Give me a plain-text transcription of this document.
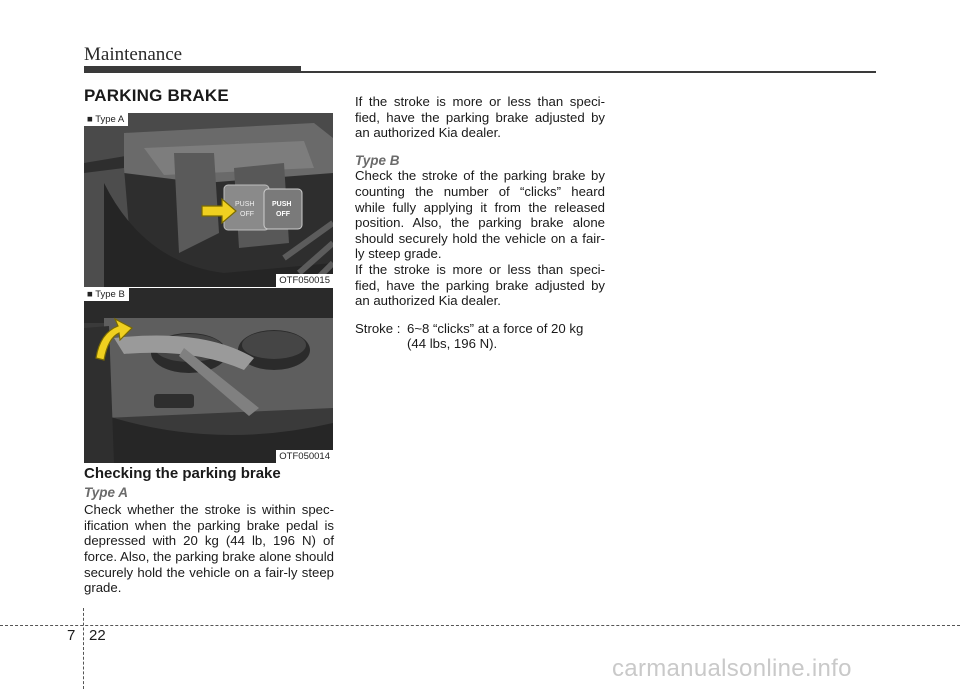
Maintenance
PARKING BRAKE
PUSH
OFF
PUSH
OFF
■ Type A
OTF050015
■ Type B
OTF050014

Checking the parking brake

Type A

Check whether the stroke is within spec-ification when the parking brake pedal is depressed with 20 kg (44 lb, 196 N) of force. Also, the parking brake alone should securely hold the vehicle on a fair-ly steep grade.

If the stroke is more or less than speci-fied, have the parking brake adjusted by an authorized Kia dealer.

Type B

Check the stroke of the parking brake by counting the number of “clicks” heard while fully applying it from the released position. Also, the parking brake alone should securely hold the vehicle on a fair-ly steep grade.

If the stroke is more or less than speci-fied, have the parking brake adjusted by an authorized Kia dealer.

Stroke : 6~8 “clicks” at a force of 20 kg
(44 lbs, 196 N).
7 22
carmanualsonline.info
